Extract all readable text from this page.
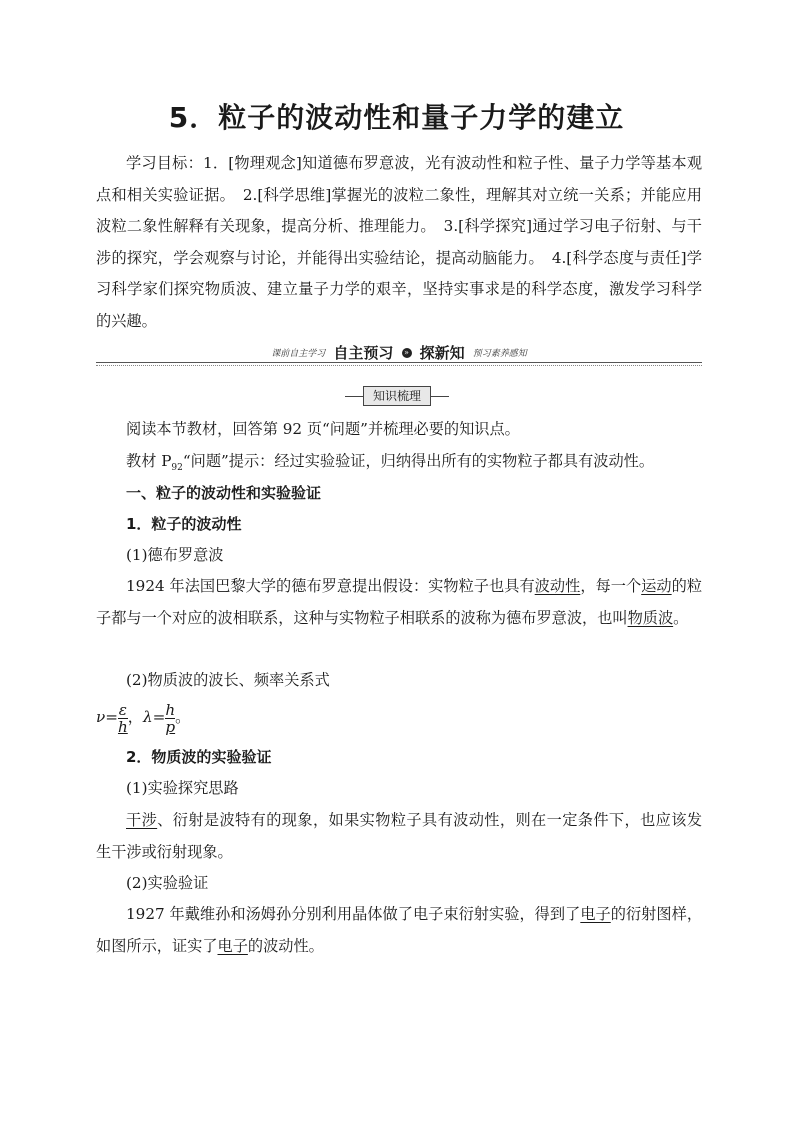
5．粒子的波动性和量子力学的建立
学习目标：1．[物理观念]知道德布罗意波，光有波动性和粒子性、量子力学等基本观点和相关实验证据。　2.[科学思维]掌握光的波粒二象性，理解其对立统一关系；并能应用波粒二象性解释有关现象，提高分析、推理能力。　3.[科学探究]通过学习电子衍射、与干涉的探究，学会观察与讨论，并能得出实验结论，提高动脑能力。　4.[科学态度与责任]学习科学家们探究物质波、建立量子力学的艰辛，坚持实事求是的科学态度，激发学习科学的兴趣。
课前自主学习 自主预习 » 探新知 预习素养感知
知识梳理
阅读本节教材，回答第 92 页“问题”并梳理必要的知识点。
教材 $P_{92}“$问题”提示：经过实验验证，归纳得出所有的实物粒子都具有波动性。
一、粒子的波动性和实验验证
1．粒子的波动性
(1)德布罗意波
1924 年法国巴黎大学的德布罗意提出假设：实物粒子也具有波动性，每一个运动的粒子都与一个对应的波相联系，这种与实物粒子相联系的波称为德布罗意波，也叫物质波。
(2)物质波的波长、频率关系式
$\nu= \frac{\varepsilon}{h}$ ，$\lambda= \frac{h}{p}$ 。
2．物质波的实验验证
(1)实验探究思路
干涉、衍射是波特有的现象，如果实物粒子具有波动性，则在一定条件下，也应该发生干涉或衍射现象。
(2)实验验证
1927 年戴维孙和汤姆孙分别利用晶体做了电子束衍射实验，得到了电子的衍射图样，如图所示，证实了电子的波动性。
